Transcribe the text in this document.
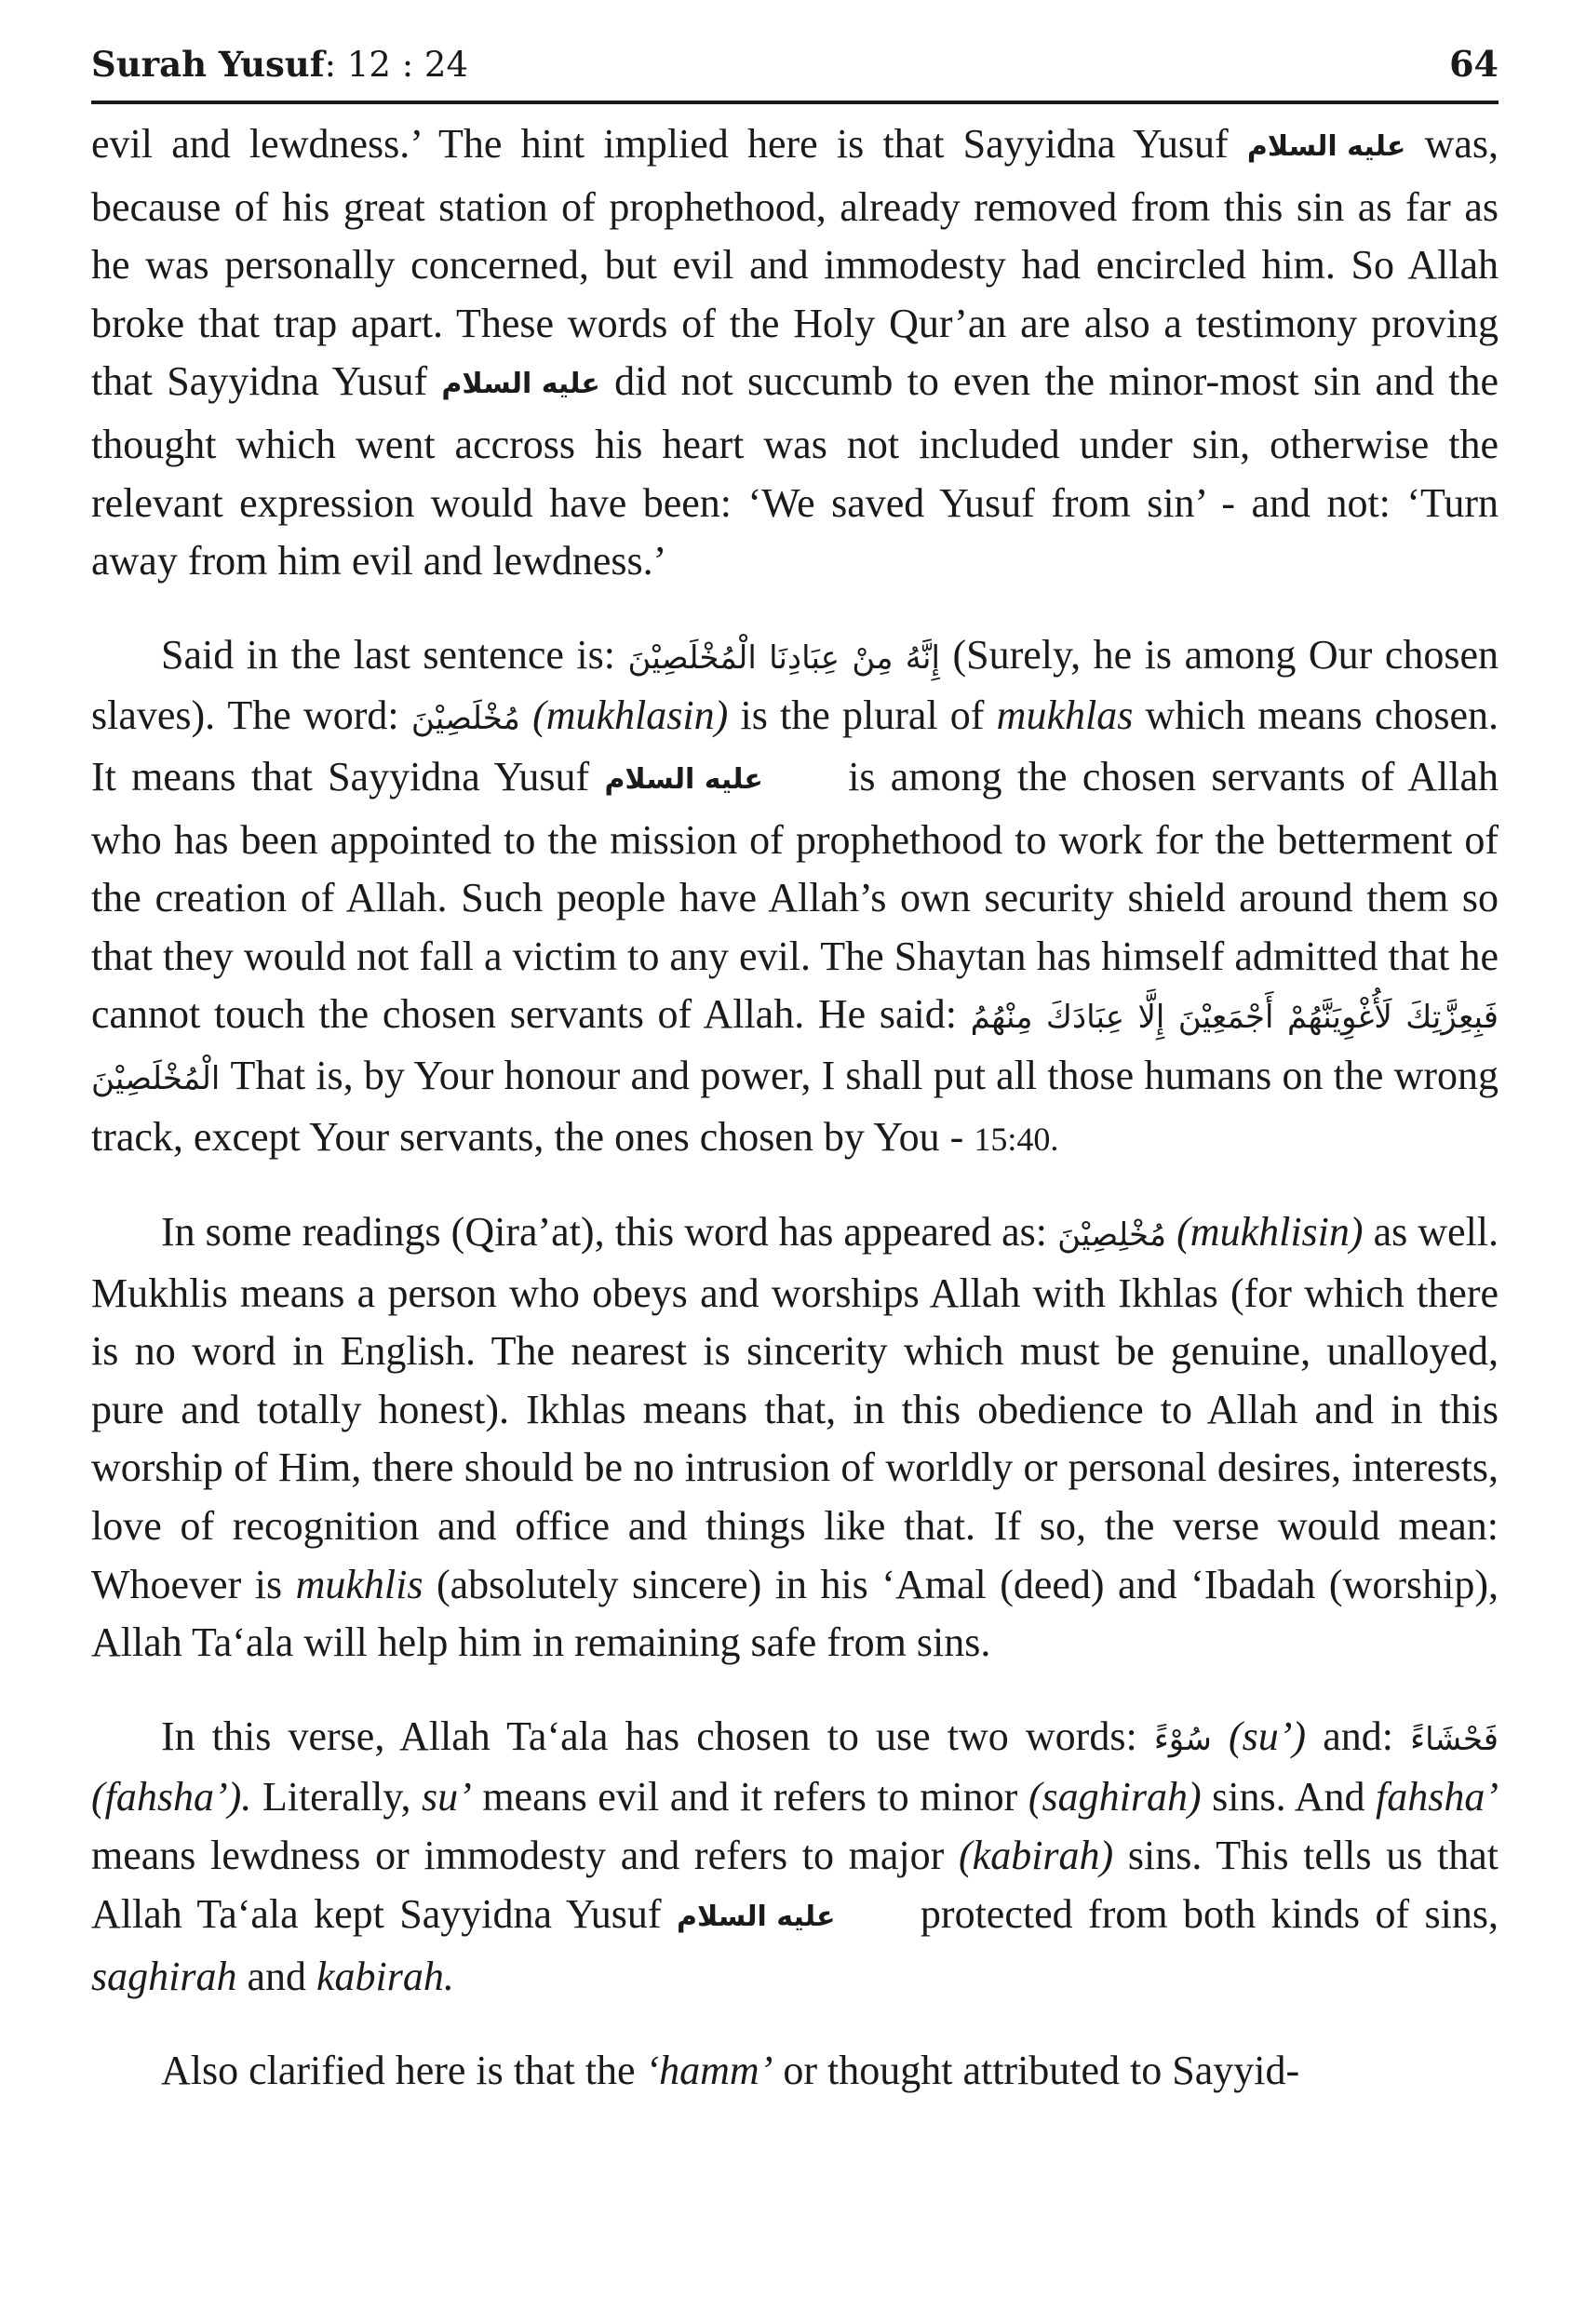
Surah Yusuf: 12 : 24	64

evil and lewdness.’ The hint implied here is that Sayyidna Yusuf عليه السلام was, because of his great station of prophethood, already removed from this sin as far as he was personally concerned, but evil and immodesty had encircled him. So Allah broke that trap apart. These words of the Holy Qur’an are also a testimony proving that Sayyidna Yusuf عليه السلام did not succumb to even the minor-most sin and the thought which went accross his heart was not included under sin, otherwise the relevant expression would have been: ‘We saved Yusuf from sin’ - and not: ‘Turn away from him evil and lewdness.’

Said in the last sentence is: إِنَّهُ مِنْ عِبَادِنَا الْمُخْلَصِيْنَ (Surely, he is among Our chosen slaves). The word: مُخْلَصِيْنَ (mukhlasin) is the plural of mukhlas which means chosen. It means that Sayyidna Yusuf عليه السلام is among the chosen servants of Allah who has been appointed to the mission of prophethood to work for the betterment of the creation of Allah. Such people have Allah’s own security shield around them so that they would not fall a victim to any evil. The Shaytan has himself admitted that he cannot touch the chosen servants of Allah. He said: فَبِعِزَّتِكَ لَأُغْوِيَنَّهُمْ أَجْمَعِيْنَ إِلَّا عِبَادَكَ مِنْهُمُ الْمُخْلَصِيْنَ That is, by Your honour and power, I shall put all those humans on the wrong track, except Your servants, the ones chosen by You - 15:40.

In some readings (Qira’at), this word has appeared as: مُخْلِصِيْنَ (mukhlisin) as well. Mukhlis means a person who obeys and worships Allah with Ikhlas (for which there is no word in English. The nearest is sincerity which must be genuine, unalloyed, pure and totally honest). Ikhlas means that, in this obedience to Allah and in this worship of Him, there should be no intrusion of worldly or personal desires, interests, love of recognition and office and things like that. If so, the verse would mean: Whoever is mukhlis (absolutely sincere) in his ‘Amal (deed) and ‘Ibadah (worship), Allah Ta‘ala will help him in remaining safe from sins.

In this verse, Allah Ta‘ala has chosen to use two words: سُوْءً (su’) and: فَحْشَاءً (fahsha’). Literally, su’ means evil and it refers to minor (saghirah) sins. And fahsha’ means lewdness or immodesty and refers to major (kabirah) sins. This tells us that Allah Ta‘ala kept Sayyidna Yusuf عليه السلام protected from both kinds of sins, saghirah and kabirah.

Also clarified here is that the ‘hamm’ or thought attributed to Sayyid-
